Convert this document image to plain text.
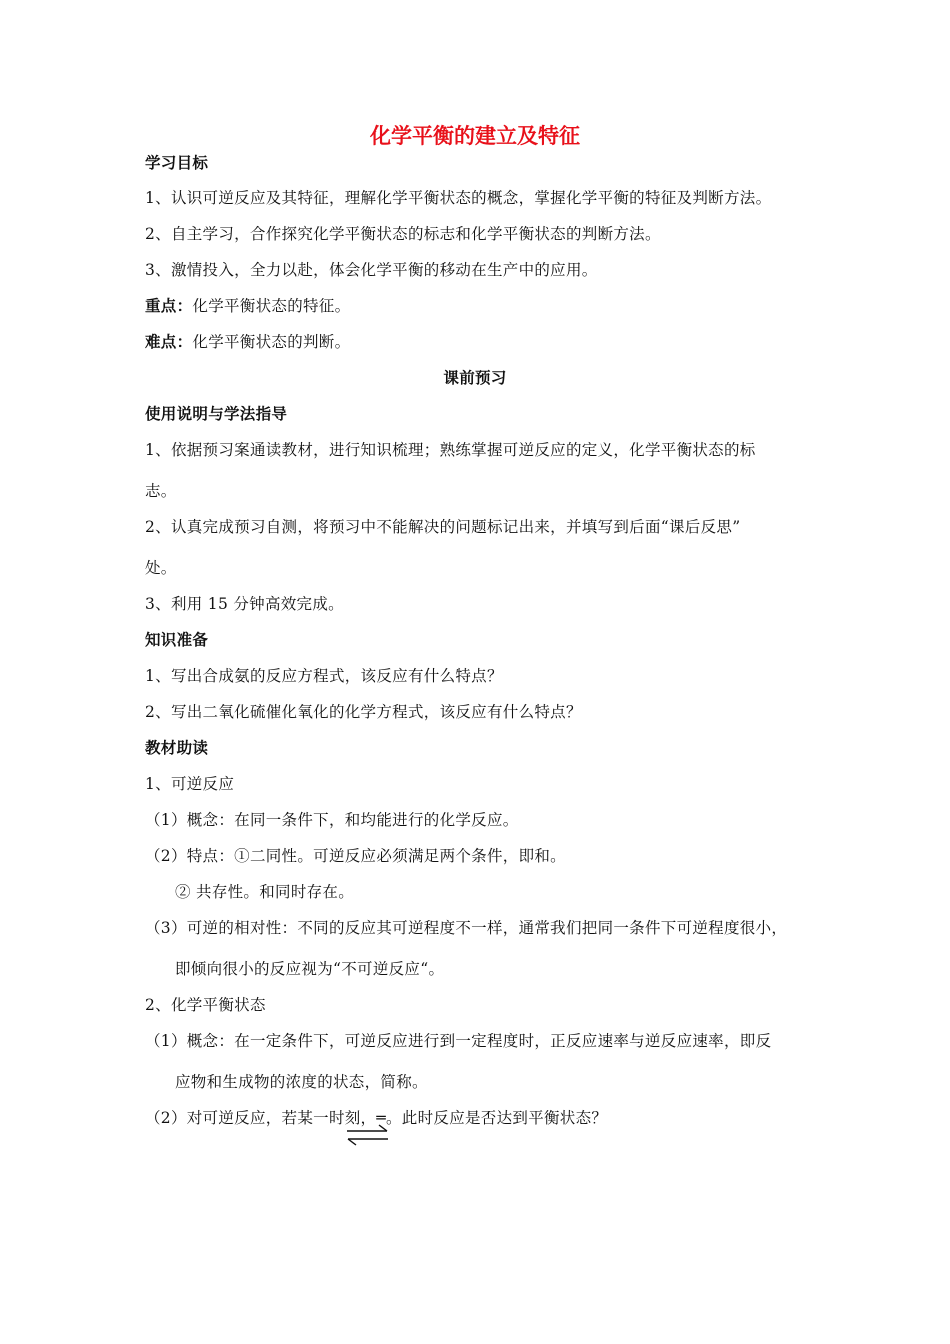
化学平衡的建立及特征
学习目标
1、认识可逆反应及其特征，理解化学平衡状态的概念，掌握化学平衡的特征及判断方法。
2、自主学习，合作探究化学平衡状态的标志和化学平衡状态的判断方法。
3、激情投入，全力以赴，体会化学平衡的移动在生产中的应用。
重点：化学平衡状态的特征。
难点：化学平衡状态的判断。
课前预习
使用说明与学法指导
1、依据预习案通读教材，进行知识梳理；熟练掌握可逆反应的定义，化学平衡状态的标
志。
2、认真完成预习自测，将预习中不能解决的问题标记出来，并填写到后面“课后反思”
处。
3、利用 15 分钟高效完成。
知识准备
1、写出合成氨的反应方程式，该反应有什么特点？
2、写出二氧化硫催化氧化的化学方程式，该反应有什么特点？
教材助读
1、可逆反应
（1）概念：在同一条件下，和均能进行的化学反应。
（2）特点：①二同性。可逆反应必须满足两个条件，即和。
② 共存性。和同时存在。
（3）可逆的相对性：不同的反应其可逆程度不一样，通常我们把同一条件下可逆程度很小，
即倾向很小的反应视为“不可逆反应“。
2、化学平衡状态
（1）概念：在一定条件下，可逆反应进行到一定程度时，正反应速率与逆反应速率，即反
应物和生成物的浓度的状态，简称。
（2）对可逆反应，若某一时刻，═。此时反应是否达到平衡状态？
